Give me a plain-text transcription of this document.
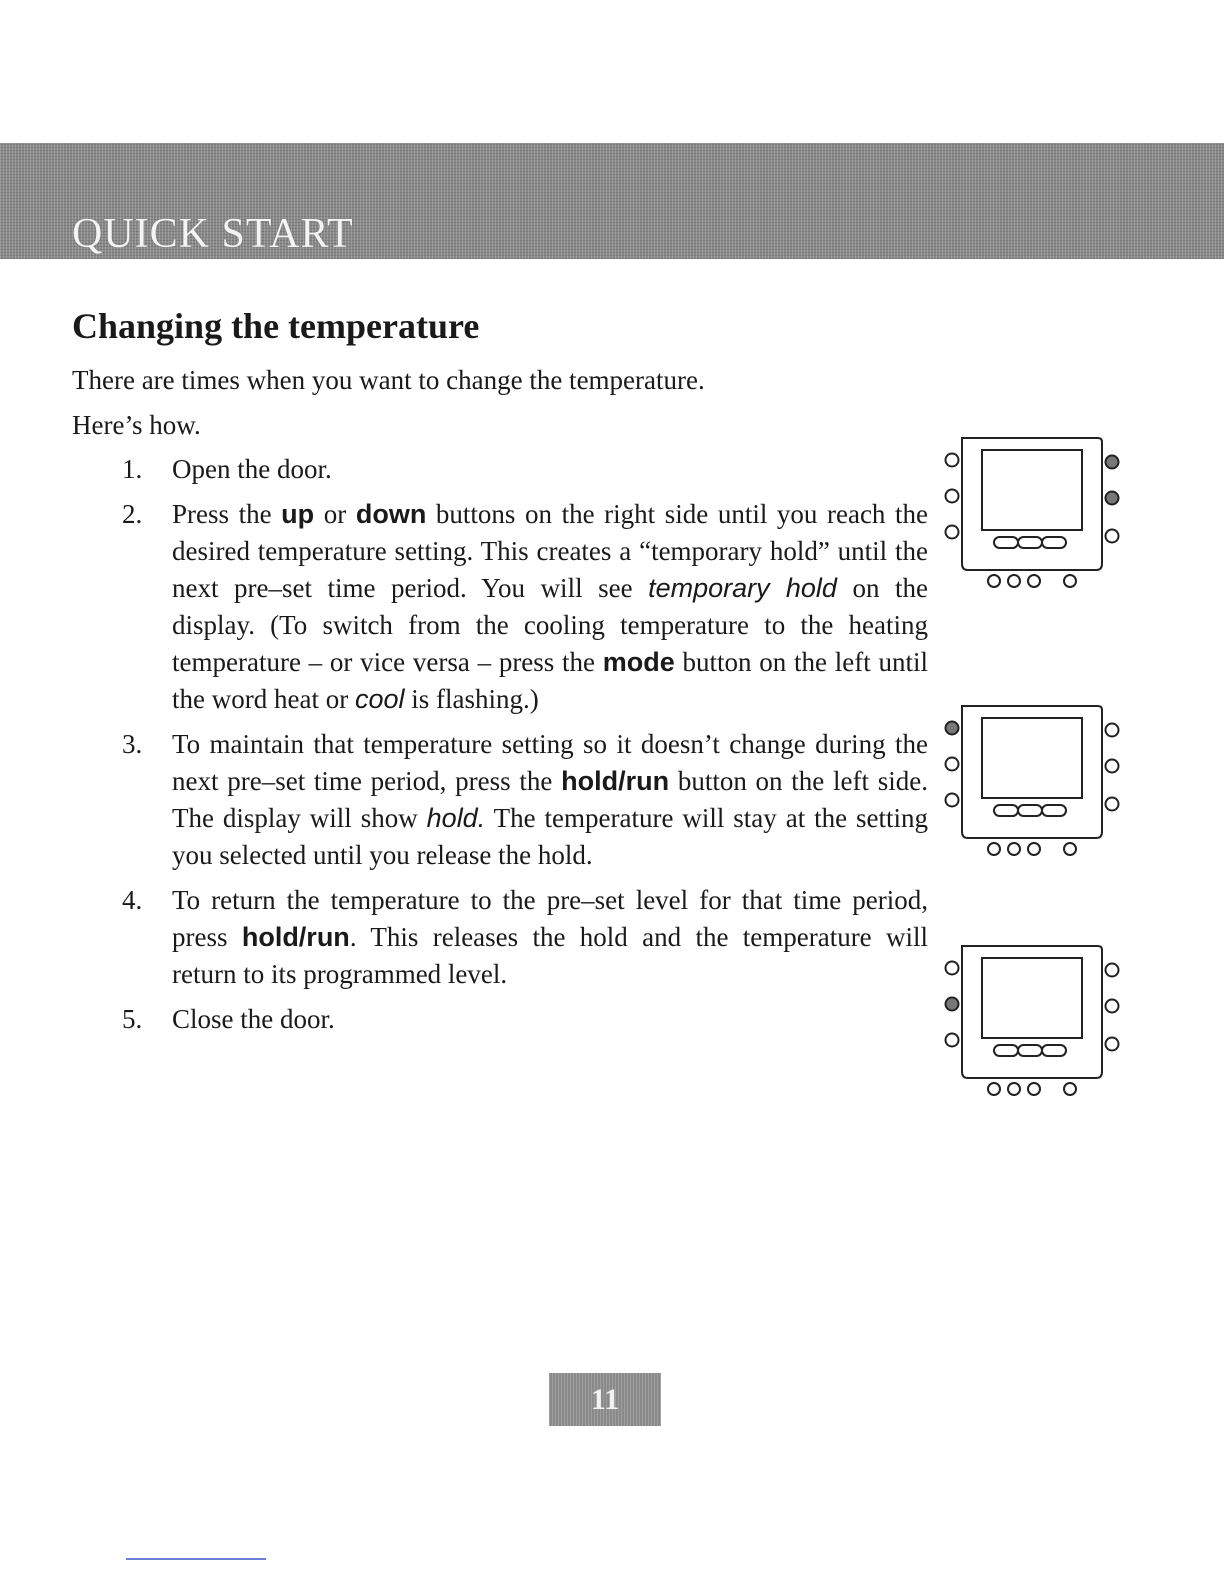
QUICK START
Changing the temperature

There are times when you want to change the temperature.

Here’s how.

1.	Open the door.
2.	Press the up or down buttons on the right side until you reach the desired temperature setting. This creates a “temporary hold” until the next pre–set time period. You will see temporary hold on the display. (To switch from the cooling temperature to the heating temperature – or vice versa – press the mode button on the left until the word heat or cool is flashing.)
3.	To maintain that temperature setting so it doesn’t change during the next pre–set time period, press the hold/run button on the left side. The display will show hold. The temperature will stay at the setting you selected until you release the hold.
4.	To return the temperature to the pre–set level for that time period, press hold/run. This releases the hold and the temperature will return to its programmed level.
5.	Close the door.
11
